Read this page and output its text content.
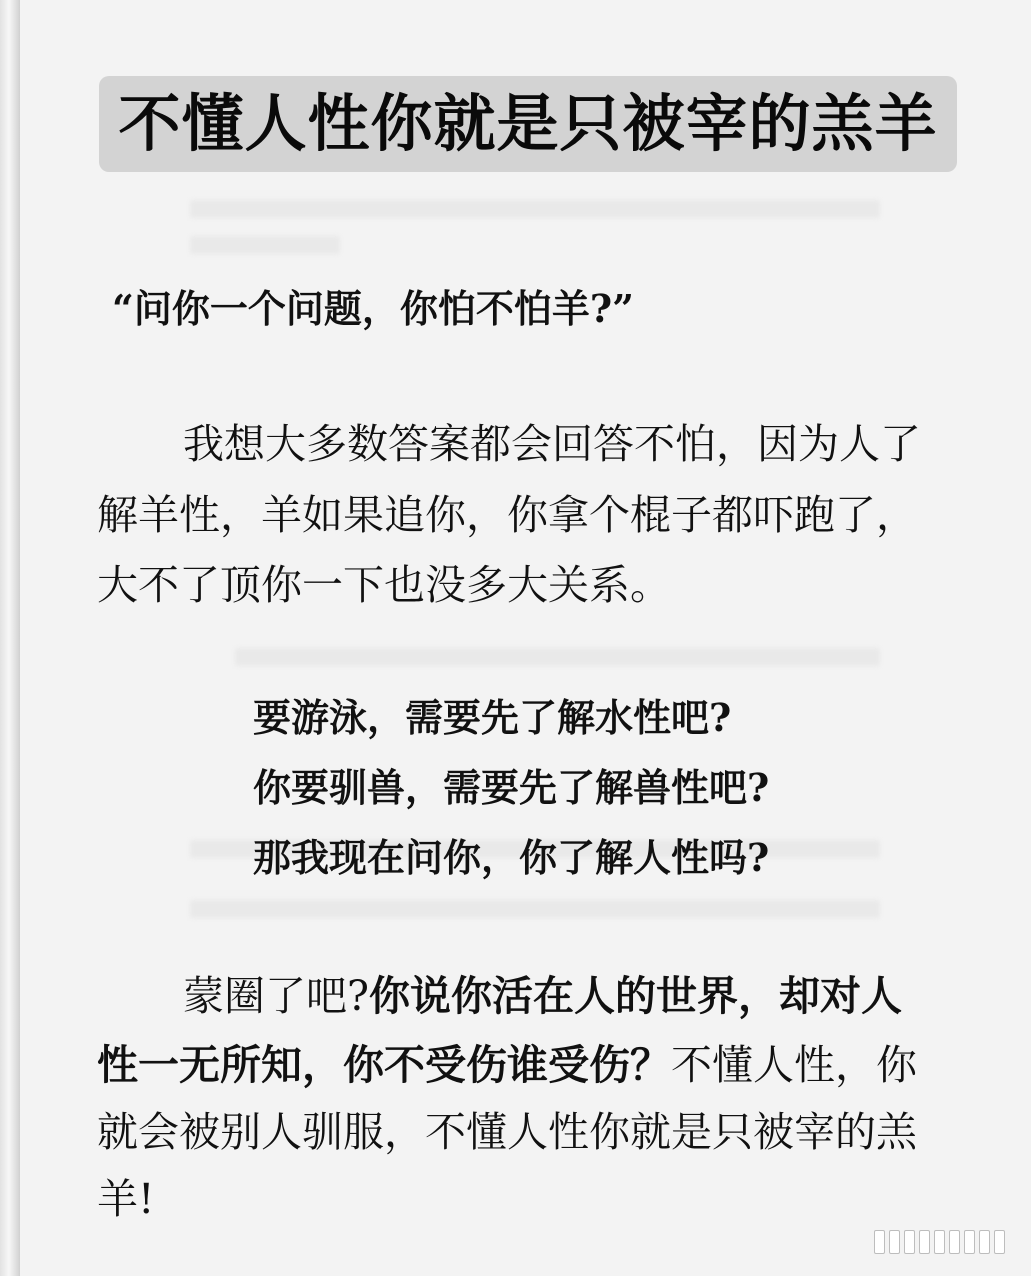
不懂人性你就是只被宰的羔羊
“问你一个问题，你怕不怕羊?”
我想大多数答案都会回答不怕，因为人了
解羊性，羊如果追你，你拿个棍子都吓跑了，
大不了顶你一下也没多大关系。
要游泳，需要先了解水性吧?
你要驯兽，需要先了解兽性吧?
那我现在问你，你了解人性吗?
蒙圈了吧?你说你活在人的世界，却对人
性一无所知，你不受伤谁受伤？不懂人性，你
就会被别人驯服，不懂人性你就是只被宰的羔
羊!
